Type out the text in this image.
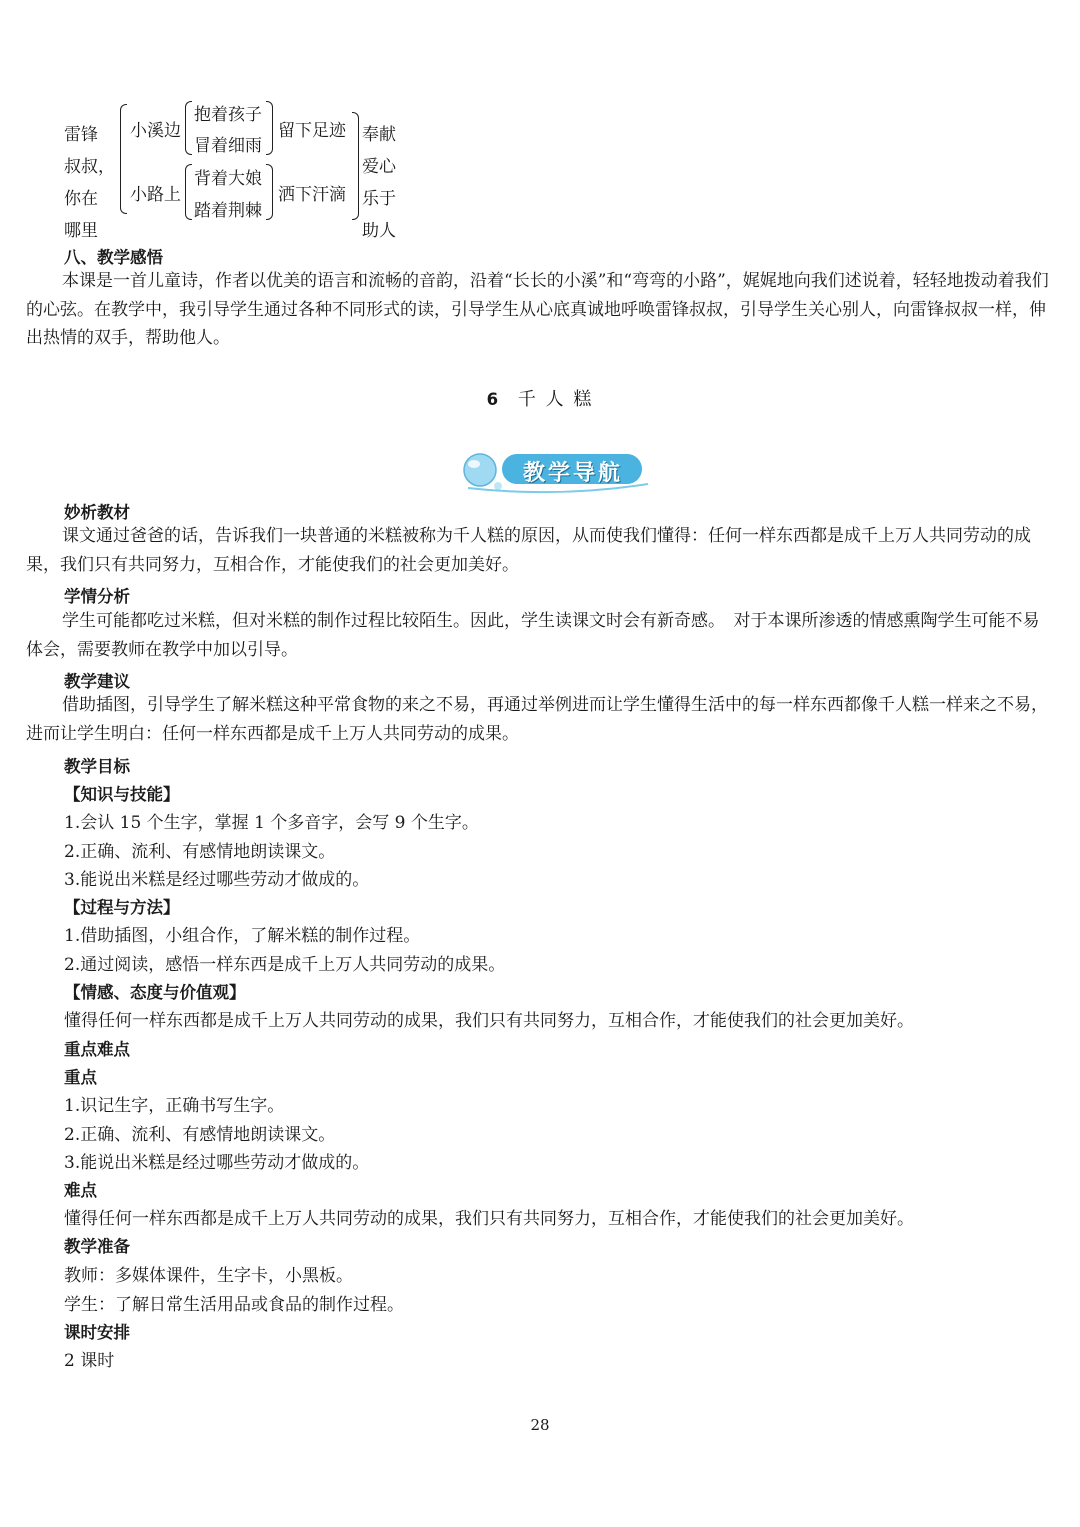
雷锋
叔叔，
你在
哪里
小溪边
抱着孩子
冒着细雨
留下足迹
小路上
背着大娘
踏着荆棘
洒下汗滴
奉献
爱心
乐于
助人
八、教学感悟
本课是一首儿童诗，作者以优美的语言和流畅的音韵，沿着“长长的小溪”和“弯弯的小路”，娓娓地向我们述说着，轻轻地拨动着我们的心弦。在教学中，我引导学生通过各种不同形式的读，引导学生从心底真诚地呼唤雷锋叔叔，引导学生关心别人，向雷锋叔叔一样，伸出热情的双手，帮助他人。
6 千 人 糕
教学导航
妙析教材
课文通过爸爸的话，告诉我们一块普通的米糕被称为千人糕的原因，从而使我们懂得：任何一样东西都是成千上万人共同劳动的成果，我们只有共同努力，互相合作，才能使我们的社会更加美好。
学情分析
学生可能都吃过米糕，但对米糕的制作过程比较陌生。因此，学生读课文时会有新奇感。　对于本课所渗透的情感熏陶学生可能不易体会，需要教师在教学中加以引导。
教学建议
借助插图，引导学生了解米糕这种平常食物的来之不易，再通过举例进而让学生懂得生活中的每一样东西都像千人糕一样来之不易，进而让学生明白：任何一样东西都是成千上万人共同劳动的成果。
教学目标
【知识与技能】
1.会认 15 个生字，掌握 1 个多音字，会写 9 个生字。
2.正确、流利、有感情地朗读课文。
3.能说出米糕是经过哪些劳动才做成的。
【过程与方法】
1.借助插图，小组合作，了解米糕的制作过程。
2.通过阅读，感悟一样东西是成千上万人共同劳动的成果。
【情感、态度与价值观】
懂得任何一样东西都是成千上万人共同劳动的成果，我们只有共同努力，互相合作，才能使我们的社会更加美好。
重点难点
重点
1.识记生字，正确书写生字。
2.正确、流利、有感情地朗读课文。
3.能说出米糕是经过哪些劳动才做成的。
难点
懂得任何一样东西都是成千上万人共同劳动的成果，我们只有共同努力，互相合作，才能使我们的社会更加美好。
教学准备
教师：多媒体课件，生字卡，小黑板。
学生：了解日常生活用品或食品的制作过程。
课时安排
2 课时
28
